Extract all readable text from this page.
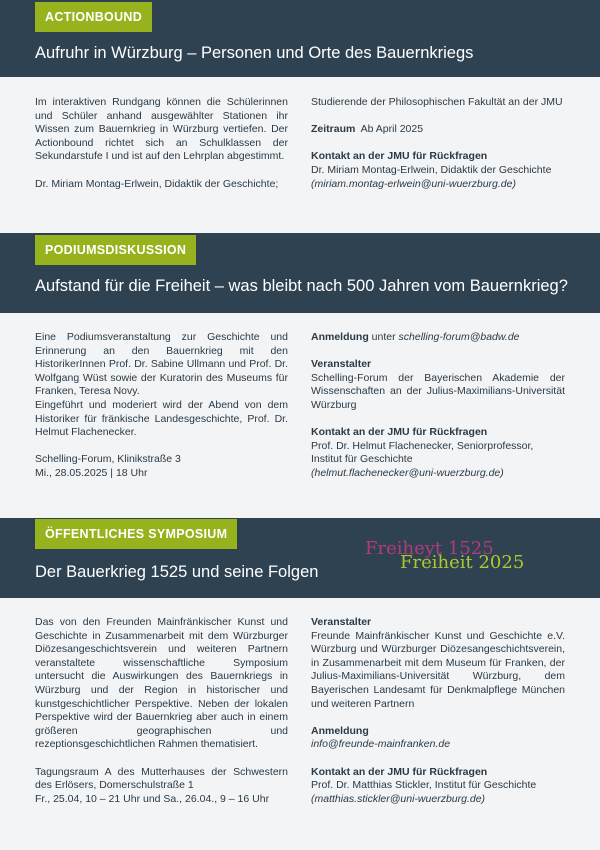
ACTIONBOUND
Aufruhr in Würzburg – Personen und Orte des Bauernkriegs

Im interaktiven Rundgang können die Schülerinnen und Schüler anhand ausgewählter Stationen ihr Wissen zum Bauernkrieg in Würzburg vertiefen. Der Actionbound richtet sich an Schulklassen der Sekundarstufe I und ist auf den Lehrplan abgestimmt.

Dr. Miriam Montag-Erlwein, Didaktik der Geschichte;

Studierende der Philosophischen Fakultät an der JMU
Zeitraum Ab April 2025
Kontakt an der JMU für Rückfragen
Dr. Miriam Montag-Erlwein, Didaktik der Geschichte
(miriam.montag-erlwein@uni-wuerzburg.de)
PODIUMSDISKUSSION
Aufstand für die Freiheit – was bleibt nach 500 Jahren vom Bauernkrieg?
Eine Podiumsveranstaltung zur Geschichte und Erinnerung an den Bauernkrieg mit den HistorikerInnen Prof. Dr. Sabine Ullmann und Prof. Dr. Wolfgang Wüst sowie der Kuratorin des Museums für Franken, Teresa Novy.
Eingeführt und moderiert wird der Abend von dem Historiker für fränkische Landesgeschichte, Prof. Dr. Helmut Flachenecker.
Schelling-Forum, Klinikstraße 3
Mi., 28.05.2025 | 18 Uhr
Anmeldung unter schelling-forum@badw.de
Veranstalter
Schelling-Forum der Bayerischen Akademie der Wissenschaften an der Julius-Maximilians-Universität Würzburg
Kontakt an der JMU für Rückfragen
Prof. Dr. Helmut Flachenecker, Seniorprofessor,
Institut für Geschichte
(helmut.flachenecker@uni-wuerzburg.de)
ÖFFENTLICHES SYMPOSIUM
Der Bauerkrieg 1525 und seine Folgen
Freiheyt 1525
Freiheit 2025
Das von den Freunden Mainfränkischer Kunst und Geschichte in Zusammenarbeit mit dem Würzburger Diözesangeschichtsverein und weiteren Partnern veranstaltete wissenschaftliche Symposium untersucht die Auswirkungen des Bauernkriegs in Würzburg und der Region in historischer und kunstgeschichtlicher Perspektive. Neben der lokalen Perspektive wird der Bauernkrieg aber auch in einem größeren geographischen und rezeptionsgeschichtlichen Rahmen thematisiert.
Tagungsraum A des Mutterhauses der Schwestern des Erlösers, Domerschulstraße 1
Fr., 25.04, 10 – 21 Uhr und Sa., 26.04., 9 – 16 Uhr
Veranstalter
Freunde Mainfränkischer Kunst und Geschichte e.V. Würzburg und Würzburger Diözesangeschichtsverein, in Zusammenarbeit mit dem Museum für Franken, der Julius-Maximilians-Universität Würzburg, dem Bayerischen Landesamt für Denkmalpflege München und weiteren Partnern
Anmeldung
info@freunde-mainfranken.de
Kontakt an der JMU für Rückfragen
Prof. Dr. Matthias Stickler, Institut für Geschichte
(matthias.stickler@uni-wuerzburg.de)
